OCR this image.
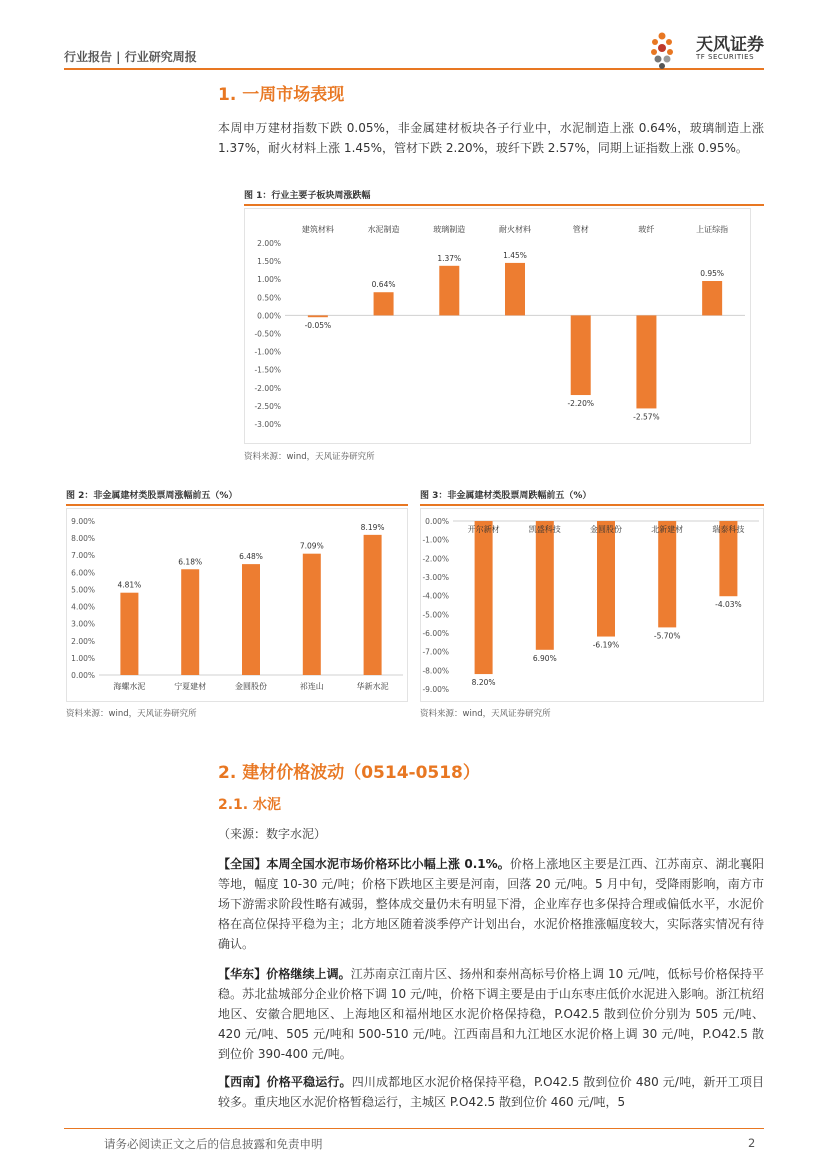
行业报告 | 行业研究周报
天风证券
TF SECURITIES
1. 一周市场表现
本周申万建材指数下跌 0.05%，非金属建材板块各子行业中，水泥制造上涨 0.64%，玻璃制造上涨 1.37%，耐火材料上涨 1.45%，管材下跌 2.20%，玻纤下跌 2.57%，同期上证指数上涨 0.95%。
图 1：行业主要子板块周涨跌幅
2.00%
1.50%
1.00%
0.50%
0.00%
-0.50%
-1.00%
-1.50%
-2.00%
-2.50%
-3.00%
建筑材料
-0.05%
水泥制造
0.64%
玻璃制造
1.37%
耐火材料
1.45%
管材
-2.20%
玻纤
-2.57%
上证综指
0.95%
资料来源：wind，天风证券研究所
图 2：非金属建材类股票周涨幅前五（%）
9.00%
8.00%
7.00%
6.00%
5.00%
4.00%
3.00%
2.00%
1.00%
0.00%
海螺水泥
4.81%
宁夏建材
6.18%
金圆股份
6.48%
祁连山
7.09%
华新水泥
8.19%
资料来源：wind，天风证券研究所
图 3：非金属建材类股票周跌幅前五（%）
0.00%
-1.00%
-2.00%
-3.00%
-4.00%
-5.00%
-6.00%
-7.00%
-8.00%
-9.00%
开尔新材
8.20%
凯盛科技
6.90%
金圆股份
-6.19%
北新建材
-5.70%
瑞泰科技
-4.03%
资料来源：wind，天风证券研究所
2. 建材价格波动（0514-0518）
2.1. 水泥
（来源：数字水泥）
【全国】本周全国水泥市场价格环比小幅上涨 0.1%。价格上涨地区主要是江西、江苏南京、湖北襄阳等地，幅度 10-30 元/吨；价格下跌地区主要是河南，回落 20 元/吨。5 月中旬，受降雨影响，南方市场下游需求阶段性略有减弱，整体成交量仍未有明显下滑，企业库存也多保持合理或偏低水平，水泥价格在高位保持平稳为主；北方地区随着淡季停产计划出台，水泥价格推涨幅度较大，实际落实情况有待确认。
【华东】价格继续上调。江苏南京江南片区、扬州和泰州高标号价格上调 10 元/吨，低标号价格保持平稳。苏北盐城部分企业价格下调 10 元/吨，价格下调主要是由于山东枣庄低价水泥进入影响。浙江杭绍地区、安徽合肥地区、上海地区和福州地区水泥价格保持稳，P.O42.5 散到位价分别为 505 元/吨、420 元/吨、505 元/吨和 500-510 元/吨。江西南昌和九江地区水泥价格上调 30 元/吨，P.O42.5 散到位价 390-400 元/吨。
【西南】价格平稳运行。四川成都地区水泥价格保持平稳，P.O42.5 散到位价 480 元/吨，新开工项目较多。重庆地区水泥价格暂稳运行，主城区 P.O42.5 散到位价 460 元/吨，5
请务必阅读正文之后的信息披露和免责申明	2
